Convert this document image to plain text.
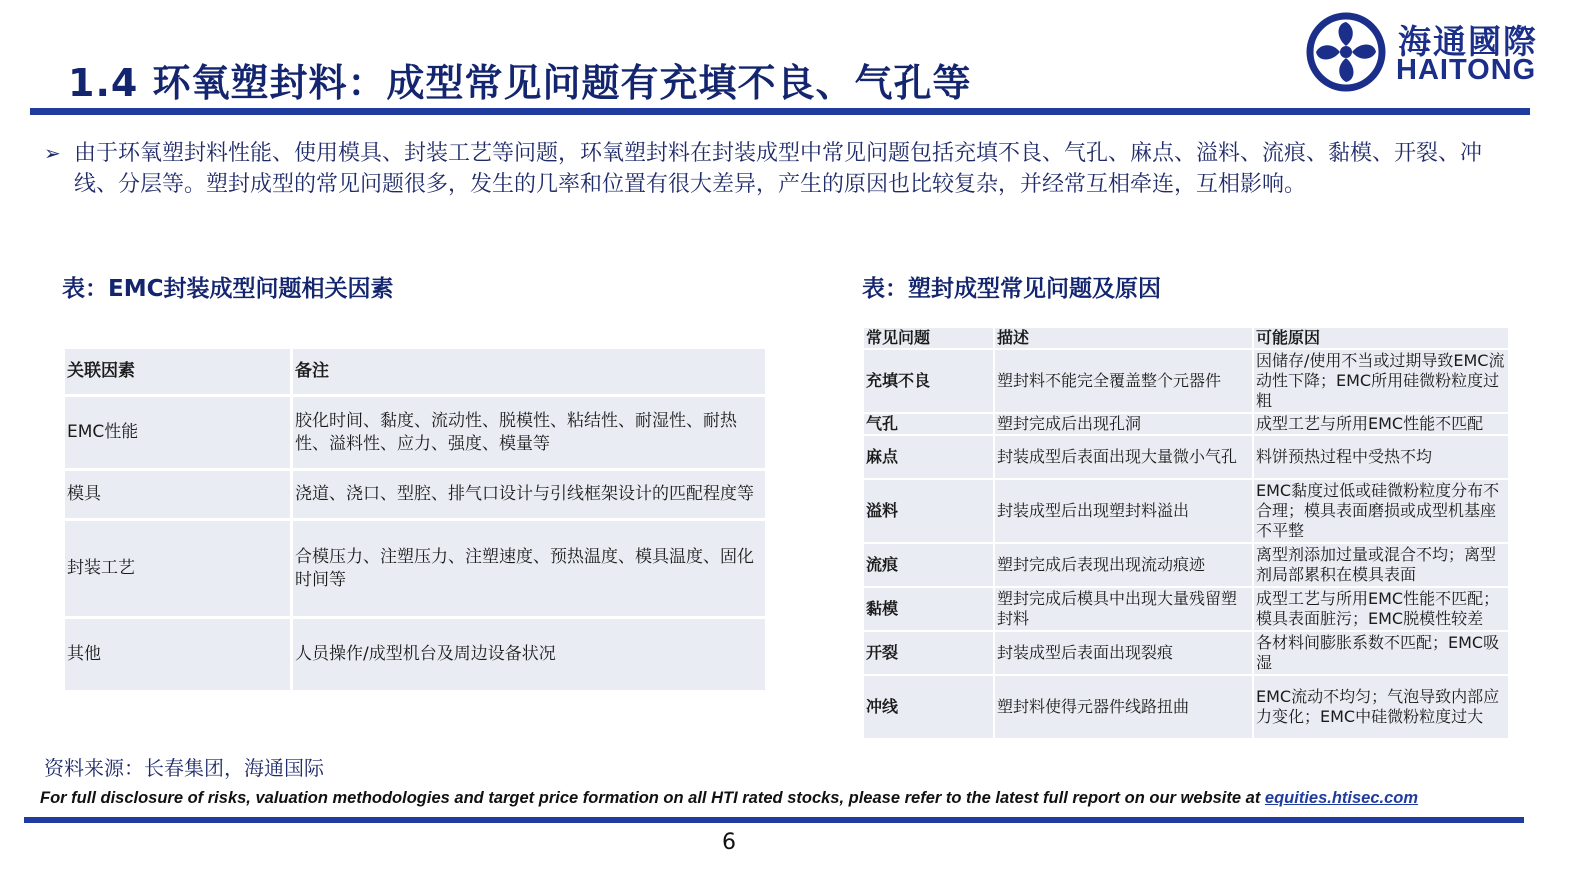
1.4 环氧塑封料：成型常见问题有充填不良、气孔等
海通國際
HAITONG
➢ 由于环氧塑封料性能、使用模具、封装工艺等问题，环氧塑封料在封装成型中常见问题包括充填不良、气孔、麻点、溢料、流痕、黏模、开裂、冲线、分层等。塑封成型的常见问题很多，发生的几率和位置有很大差异，产生的原因也比较复杂，并经常互相牵连，互相影响。
表：EMC封装成型问题相关因素	表：塑封成型常见问题及原因
关联因素	备注
EMC性能	胶化时间、黏度、流动性、脱模性、粘结性、耐湿性、耐热性、溢料性、应力、强度、模量等
模具	浇道、浇口、型腔、排气口设计与引线框架设计的匹配程度等
封装工艺	合模压力、注塑压力、注塑速度、预热温度、模具温度、固化时间等
其他	人员操作/成型机台及周边设备状况
常见问题	描述	可能原因
充填不良	塑封料不能完全覆盖整个元器件	因储存/使用不当或过期导致EMC流动性下降；EMC所用硅微粉粒度过粗
气孔	塑封完成后出现孔洞	成型工艺与所用EMC性能不匹配
麻点	封装成型后表面出现大量微小气孔	料饼预热过程中受热不均
溢料	封装成型后出现塑封料溢出	EMC黏度过低或硅微粉粒度分布不合理；模具表面磨损或成型机基座不平整
流痕	塑封完成后表现出现流动痕迹	离型剂添加过量或混合不均；离型剂局部累积在模具表面
黏模	塑封完成后模具中出现大量残留塑封料	成型工艺与所用EMC性能不匹配；模具表面脏污；EMC脱模性较差
开裂	封装成型后表面出现裂痕	各材料间膨胀系数不匹配；EMC吸湿
冲线	塑封料使得元器件线路扭曲	EMC流动不均匀；气泡导致内部应力变化；EMC中硅微粉粒度过大
资料来源：长春集团，海通国际
For full disclosure of risks, valuation methodologies and target price formation on all HTI rated stocks, please refer to the latest full report on our website at equities.htisec.com
6
